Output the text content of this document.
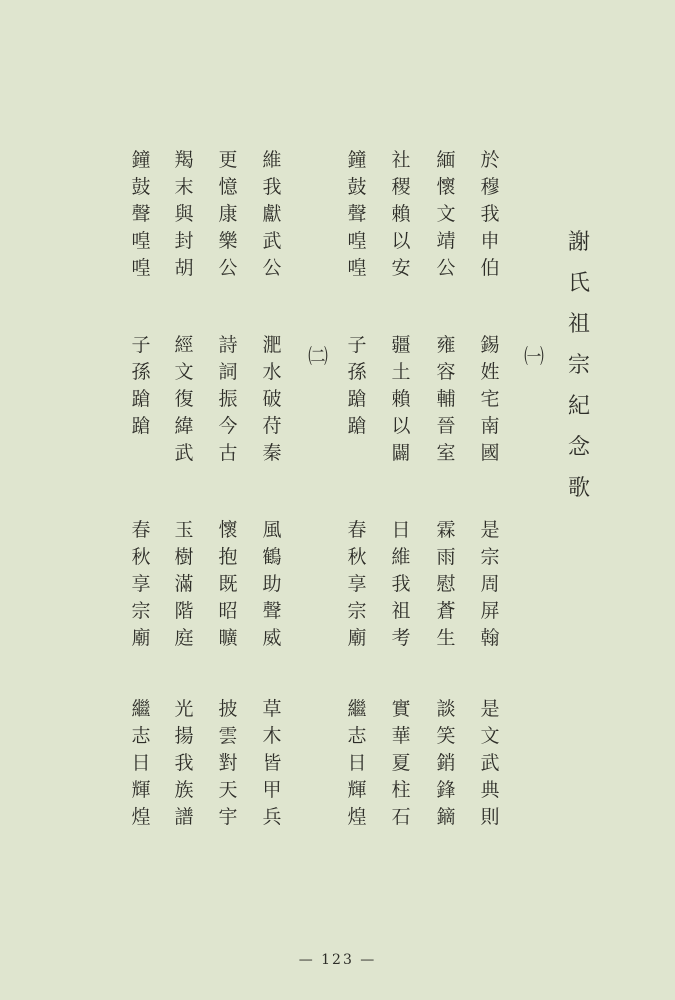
謝
氏
祖
宗
紀
念
歌
㈠
㈡
於
穆
我
申
伯
緬
懷
文
靖
公
社
稷
賴
以
安
鐘
鼓
聲
喤
喤
錫
姓
宅
南
國
雍
容
輔
晉
室
疆
土
賴
以
闢
子
孫
蹌
蹌
是
宗
周
屏
翰
霖
雨
慰
蒼
生
日
維
我
祖
考
春
秋
享
宗
廟
是
文
武
典
則
談
笑
銷
鋒
鏑
實
華
夏
柱
石
繼
志
日
輝
煌
維
我
獻
武
公
更
憶
康
樂
公
羯
末
與
封
胡
鐘
鼓
聲
喤
喤
淝
水
破
苻
秦
詩
詞
振
今
古
經
文
復
緯
武
子
孫
蹌
蹌
風
鶴
助
聲
威
懷
抱
既
昭
曠
玉
樹
滿
階
庭
春
秋
享
宗
廟
草
木
皆
甲
兵
披
雲
對
天
宇
光
揚
我
族
譜
繼
志
日
輝
煌
— 123 —
